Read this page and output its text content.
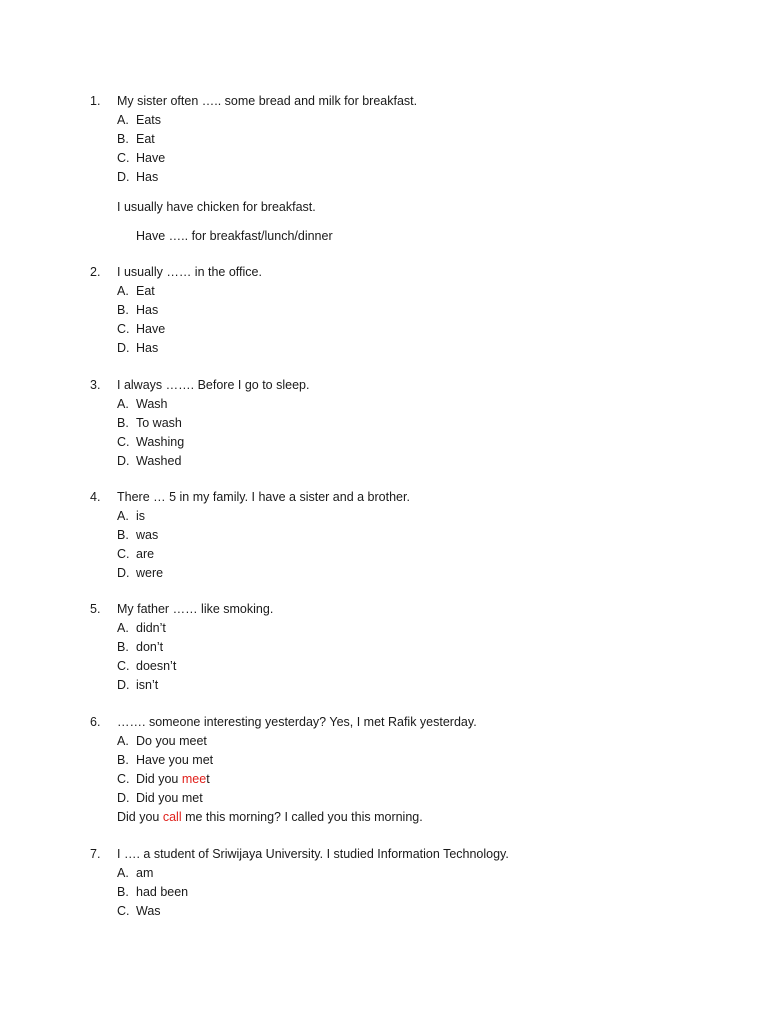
1. My sister often ….. some bread and milk for breakfast.
A. Eats
B. Eat
C. Have
D. Has
I usually have chicken for breakfast.
Have ….. for breakfast/lunch/dinner
2. I usually …… in the office.
A. Eat
B. Has
C. Have
D. Has
3. I always ……. Before I go to sleep.
A. Wash
B. To wash
C. Washing
D. Washed
4. There … 5 in my family. I have a sister and a brother.
A. is
B. was
C. are
D. were
5. My father …… like smoking.
A. didn’t
B. don’t
C. doesn’t
D. isn’t
6. ……. someone interesting yesterday? Yes, I met Rafik yesterday.
A. Do you meet
B. Have you met
C. Did you meet
D. Did you met
Did you call me this morning? I called you this morning.
7. I …. a student of Sriwijaya University. I studied Information Technology.
A. am
B. had been
C. Was
